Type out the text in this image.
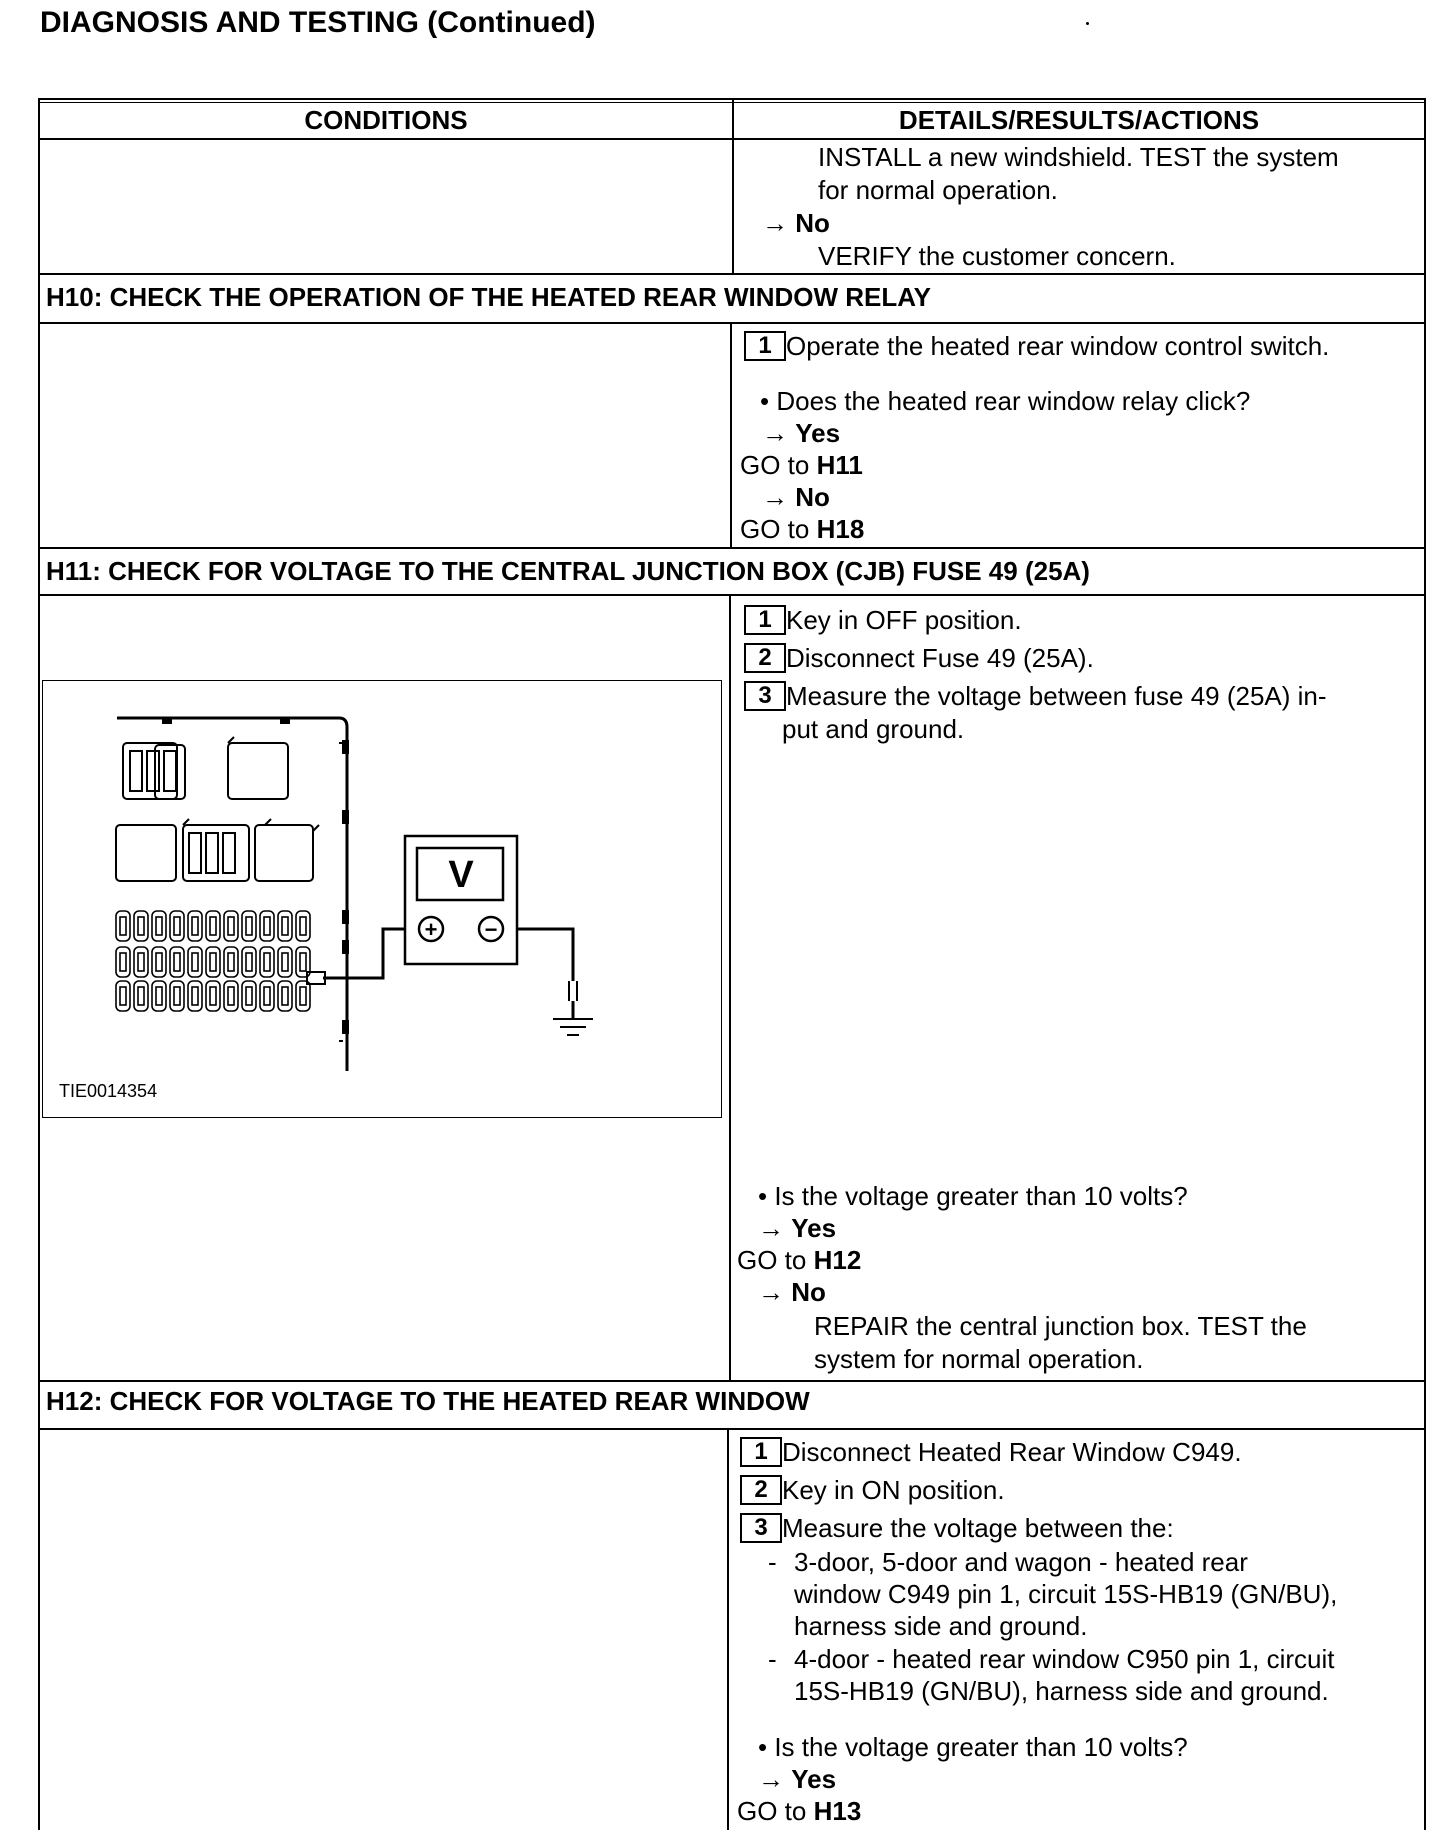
DIAGNOSIS AND TESTING (Continued)
CONDITIONS	DETAILS/RESULTS/ACTIONS
INSTALL a new windshield. TEST the system
for normal operation.
→ No
VERIFY the customer concern.
H10: CHECK THE OPERATION OF THE HEATED REAR WINDOW RELAY
1 Operate the heated rear window control switch.
• Does the heated rear window relay click?
→ Yes
GO to H11
→ No
GO to H18
H11: CHECK FOR VOLTAGE TO THE CENTRAL JUNCTION BOX (CJB) FUSE 49 (25A)
1 Key in OFF position.
2 Disconnect Fuse 49 (25A).
3 Measure the voltage between fuse 49 (25A) in-
put and ground.
V
+ −
TIE0014354
• Is the voltage greater than 10 volts?
→ Yes
GO to H12
→ No
REPAIR the central junction box. TEST the
system for normal operation.
H12: CHECK FOR VOLTAGE TO THE HEATED REAR WINDOW
1 Disconnect Heated Rear Window C949.
2 Key in ON position.
3 Measure the voltage between the:
- 3-door, 5-door and wagon - heated rear
window C949 pin 1, circuit 15S-HB19 (GN/BU),
harness side and ground.
- 4-door - heated rear window C950 pin 1, circuit
15S-HB19 (GN/BU), harness side and ground.
• Is the voltage greater than 10 volts?
→ Yes
GO to H13
